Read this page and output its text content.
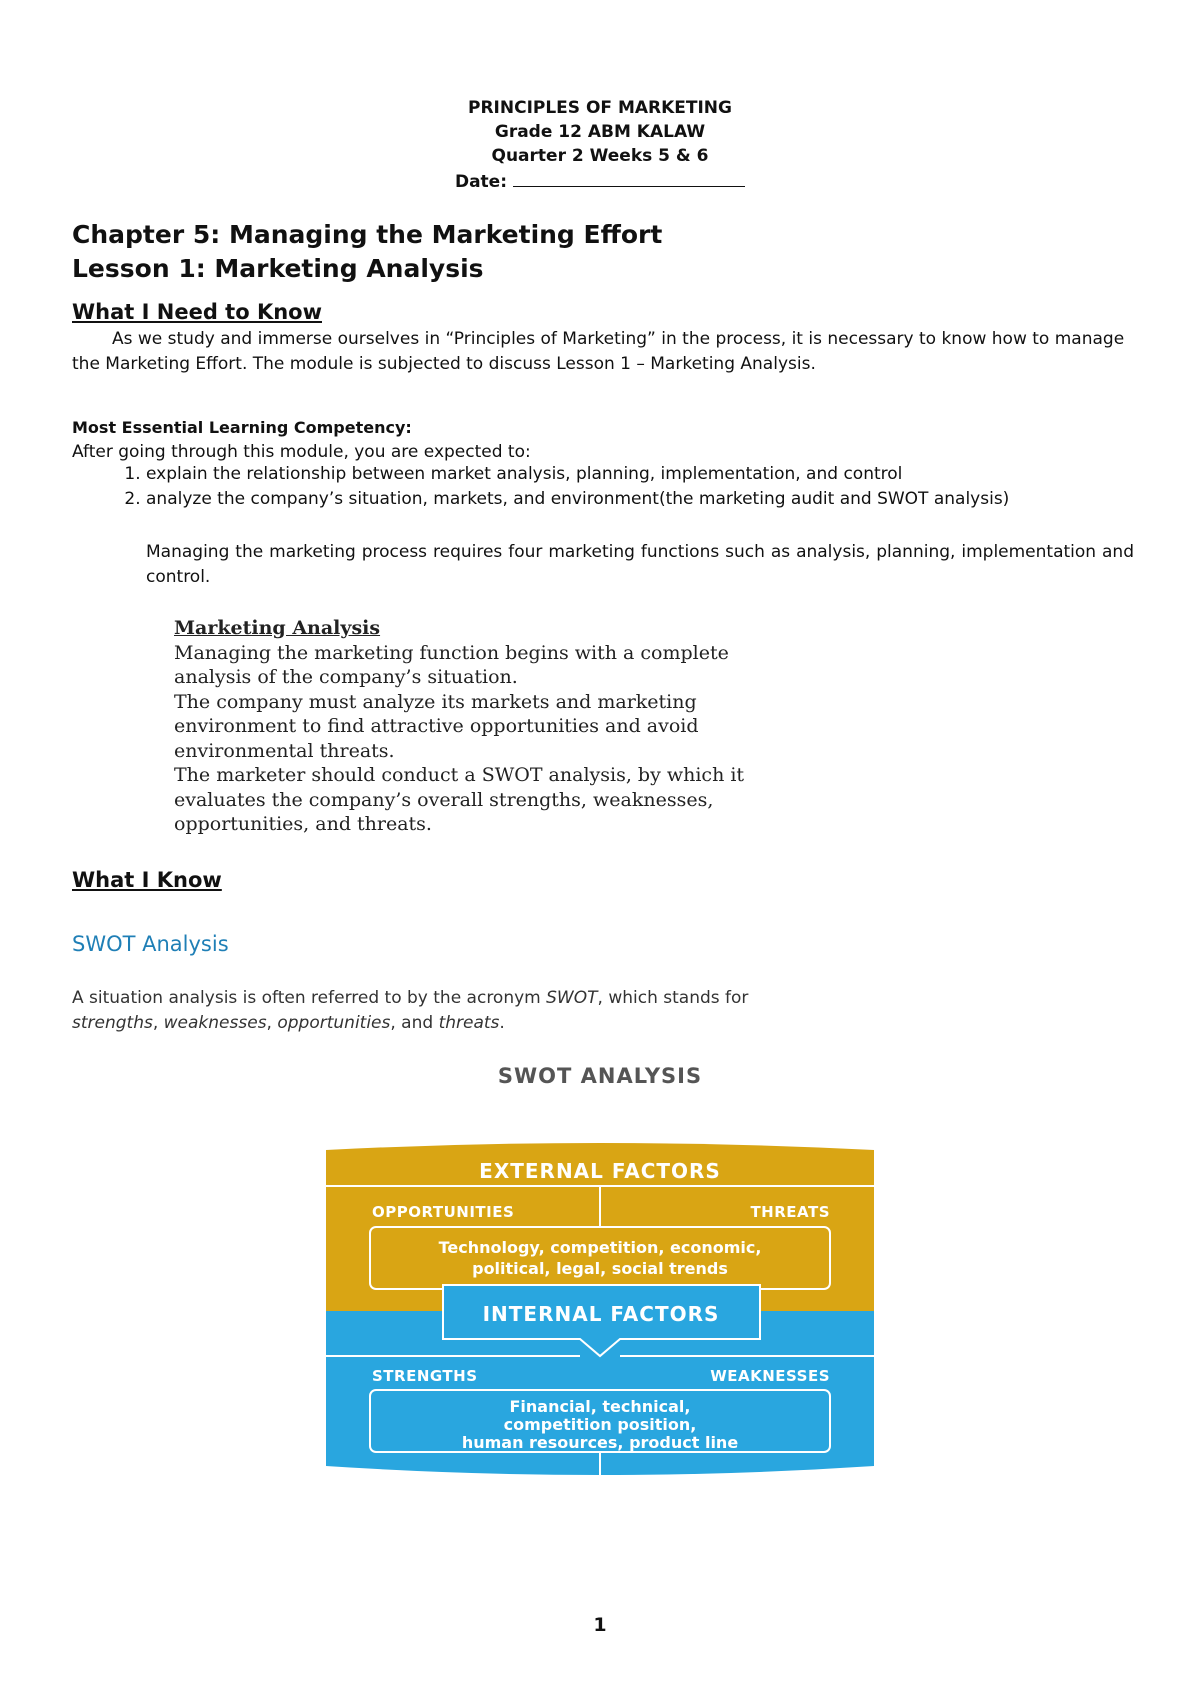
PRINCIPLES OF MARKETING
Grade 12 ABM KALAW
Quarter 2 Weeks 5 & 6
Date:
Chapter 5: Managing the Marketing Effort
Lesson 1: Marketing Analysis
What I Need to Know
As we study and immerse ourselves in “Principles of Marketing” in the process, it is necessary to know how to manage the Marketing Effort. The module is subjected to discuss Lesson 1 – Marketing Analysis.
Most Essential Learning Competency:
After going through this module, you are expected to:
1. explain the relationship between market analysis, planning, implementation, and control
2. analyze the company’s situation, markets, and environment(the marketing audit and SWOT analysis)
Managing the marketing process requires four marketing functions such as analysis, planning, implementation and control.
Marketing Analysis
Managing the marketing function begins with a complete
analysis of the company’s situation.
The company must analyze its markets and marketing
environment to find attractive opportunities and avoid
environmental threats.
The marketer should conduct a SWOT analysis, by which it
evaluates the company’s overall strengths, weaknesses,
opportunities, and threats.
What I Know
SWOT Analysis
A situation analysis is often referred to by the acronym SWOT, which stands for strengths, weaknesses, opportunities, and threats.
SWOT ANALYSIS
EXTERNAL FACTORS
OPPORTUNITIES	THREATS
Technology, competition, economic,
political, legal, social trends
INTERNAL FACTORS
STRENGTHS	WEAKNESSES
Financial, technical,
competition position,
human resources, product line
1
